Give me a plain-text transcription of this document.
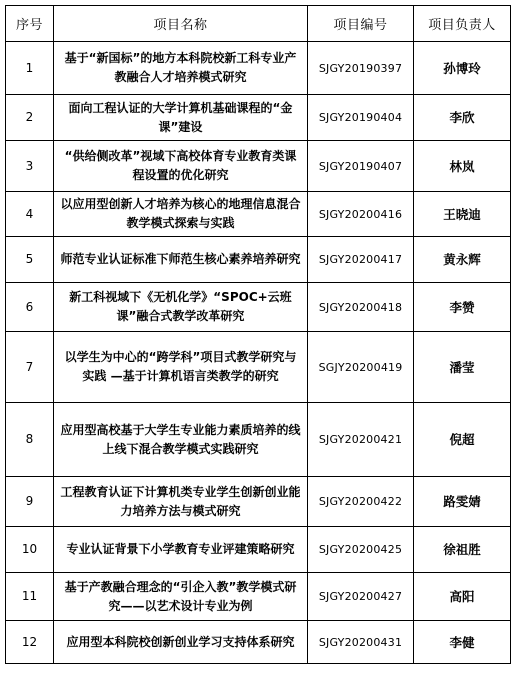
序号	项目名称	项目编号	项目负责人
1	基于“新国标”的地方本科院校新工科专业产教融合人才培养模式研究	SJGY20190397	孙博玲
2	面向工程认证的大学计算机基础课程的“金课”建设	SJGY20190404	李欣
3	“供给侧改革”视域下高校体育专业教育类课程设置的优化研究	SJGY20190407	林岚
4	以应用型创新人才培养为核心的地理信息混合教学模式探索与实践	SJGY20200416	王晓迪
5	师范专业认证标准下师范生核心素养培养研究	SJGY20200417	黄永辉
6	新工科视域下《无机化学》“SPOC+云班课”融合式教学改革研究	SJGY20200418	李赞
7	以学生为中心的“跨学科”项目式教学研究与实践 —基于计算机语言类教学的研究	SGJY20200419	潘莹
8	应用型高校基于大学生专业能力素质培养的线上线下混合教学模式实践研究	SJGY20200421	倪超
9	工程教育认证下计算机类专业学生创新创业能力培养方法与模式研究	SJGY20200422	路雯婧
10	专业认证背景下小学教育专业评建策略研究	SJGY20200425	徐祖胜
11	基于产教融合理念的“引企入教”教学模式研究——以艺术设计专业为例	SJGY20200427	高阳
12	应用型本科院校创新创业学习支持体系研究	SJGY20200431	李健
